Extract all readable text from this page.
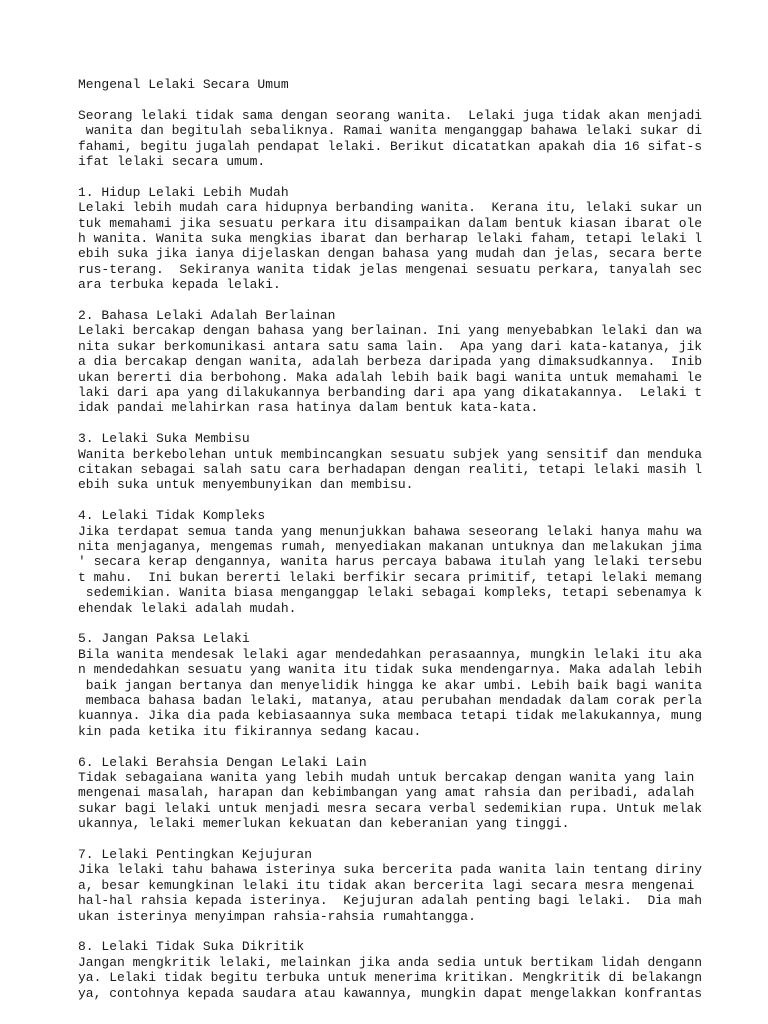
Mengenal Lelaki Secara Umum
Seorang lelaki tidak sama dengan seorang wanita.  Lelaki juga tidak akan menjadi
wanita dan begitulah sebaliknya. Ramai wanita menganggap bahawa lelaki sukar di
fahami, begitu jugalah pendapat lelaki. Berikut dicatatkan apakah dia 16 sifat-s
ifat lelaki secara umum.
1. Hidup Lelaki Lebih Mudah
Lelaki lebih mudah cara hidupnya berbanding wanita.  Kerana itu, lelaki sukar un
tuk memahami jika sesuatu perkara itu disampaikan dalam bentuk kiasan ibarat ole
h wanita. Wanita suka mengkias ibarat dan berharap lelaki faham, tetapi lelaki l
ebih suka jika ianya dijelaskan dengan bahasa yang mudah dan jelas, secara berte
rus-terang.  Sekiranya wanita tidak jelas mengenai sesuatu perkara, tanyalah sec
ara terbuka kepada lelaki.
2. Bahasa Lelaki Adalah Berlainan
Lelaki bercakap dengan bahasa yang berlainan. Ini yang menyebabkan lelaki dan wa
nita sukar berkomunikasi antara satu sama lain.  Apa yang dari kata-katanya, jik
a dia bercakap dengan wanita, adalah berbeza daripada yang dimaksudkannya.  Inib
ukan bererti dia berbohong. Maka adalah lebih baik bagi wanita untuk memahami le
laki dari apa yang dilakukannya berbanding dari apa yang dikatakannya.  Lelaki t
idak pandai melahirkan rasa hatinya dalam bentuk kata-kata.
3. Lelaki Suka Membisu
Wanita berkebolehan untuk membincangkan sesuatu subjek yang sensitif dan menduka
citakan sebagai salah satu cara berhadapan dengan realiti, tetapi lelaki masih l
ebih suka untuk menyembunyikan dan membisu.
4. Lelaki Tidak Kompleks
Jika terdapat semua tanda yang menunjukkan bahawa seseorang lelaki hanya mahu wa
nita menjaganya, mengemas rumah, menyediakan makanan untuknya dan melakukan jima
' secara kerap dengannya, wanita harus percaya babawa itulah yang lelaki tersebu
t mahu.  Ini bukan bererti lelaki berfikir secara primitif, tetapi lelaki memang
sedemikian. Wanita biasa menganggap lelaki sebagai kompleks, tetapi sebenamya k
ehendak lelaki adalah mudah.
5. Jangan Paksa Lelaki
Bila wanita mendesak lelaki agar mendedahkan perasaannya, mungkin lelaki itu aka
n mendedahkan sesuatu yang wanita itu tidak suka mendengarnya. Maka adalah lebih
baik jangan bertanya dan menyelidik hingga ke akar umbi. Lebih baik bagi wanita
membaca bahasa badan lelaki, matanya, atau perubahan mendadak dalam corak perla
kuannya. Jika dia pada kebiasaannya suka membaca tetapi tidak melakukannya, mung
kin pada ketika itu fikirannya sedang kacau.
6. Lelaki Berahsia Dengan Lelaki Lain
Tidak sebagaiana wanita yang lebih mudah untuk bercakap dengan wanita yang lain
mengenai masalah, harapan dan kebimbangan yang amat rahsia dan peribadi, adalah
sukar bagi lelaki untuk menjadi mesra secara verbal sedemikian rupa. Untuk melak
ukannya, lelaki memerlukan kekuatan dan keberanian yang tinggi.
7. Lelaki Pentingkan Kejujuran
Jika lelaki tahu bahawa isterinya suka bercerita pada wanita lain tentang diriny
a, besar kemungkinan lelaki itu tidak akan bercerita lagi secara mesra mengenai
hal-hal rahsia kepada isterinya.  Kejujuran adalah penting bagi lelaki.  Dia mah
ukan isterinya menyimpan rahsia-rahsia rumahtangga.
8. Lelaki Tidak Suka Dikritik
Jangan mengkritik lelaki, melainkan jika anda sedia untuk bertikam lidah dengann
ya. Lelaki tidak begitu terbuka untuk menerima kritikan. Mengkritik di belakangn
ya, contohnya kepada saudara atau kawannya, mungkin dapat mengelakkan konfrantas
